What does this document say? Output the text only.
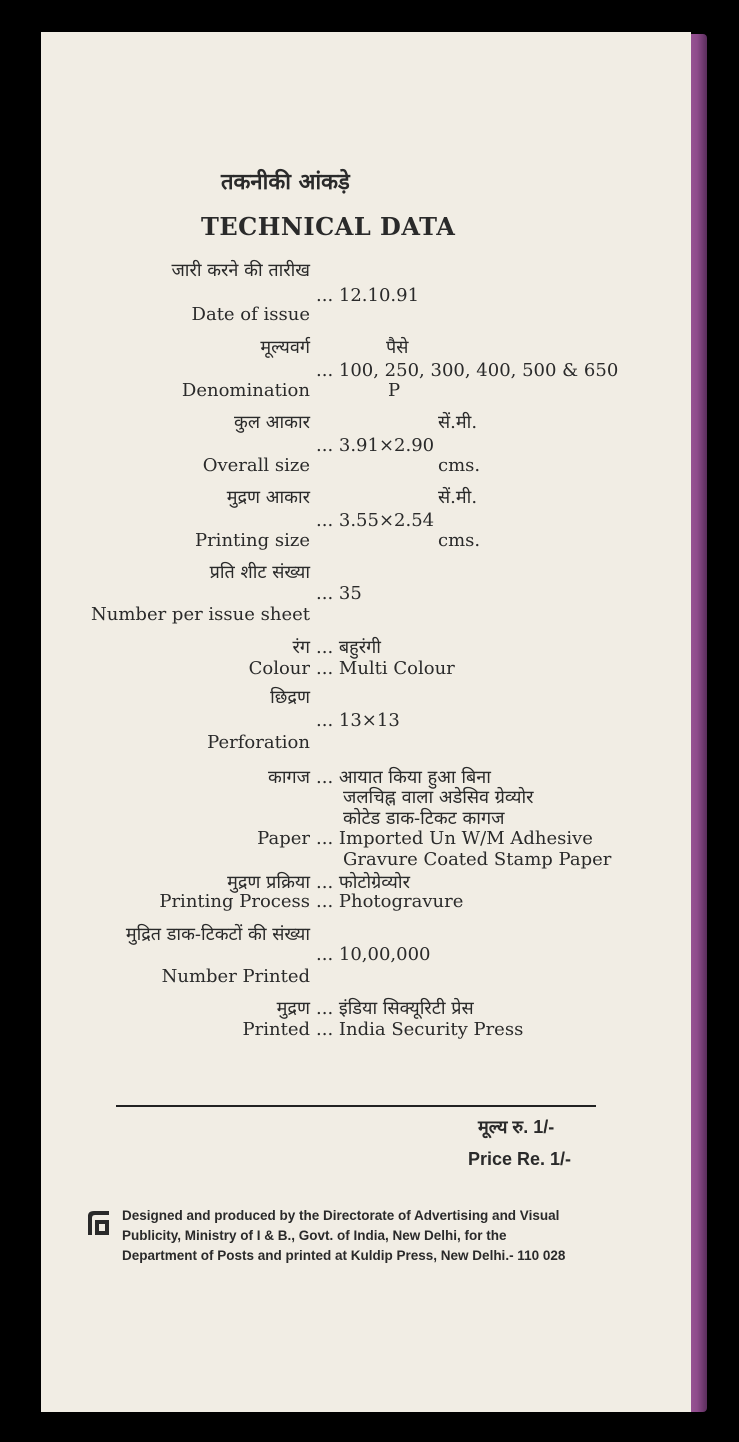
तकनीकी आंकड़े
TECHNICAL DATA
जारी करने की तारीख
... 12.10.91
Date of issue
मूल्यवर्ग	पैसे
... 100, 250, 300, 400, 500 & 650
Denomination	P
कुल आकार	सें.मी.
... 3.91×2.90
Overall size	cms.
मुद्रण आकार	सें.मी.
... 3.55×2.54
Printing size	cms.
प्रति शीट संख्या
... 35
Number per issue sheet
रंग ... बहुरंगी
Colour ... Multi Colour
छिद्रण
... 13×13
Perforation
कागज ... आयात किया हुआ बिना
जलचिह्न वाला अडेसिव ग्रेव्योर
कोटेड डाक-टिकट कागज
Paper ... Imported Un W/M Adhesive
Gravure Coated Stamp Paper
मुद्रण प्रक्रिया ... फोटोग्रेव्योर
Printing Process ... Photogravure
मुद्रित डाक-टिकटों की संख्या
... 10,00,000
Number Printed
मुद्रण ... इंडिया सिक्यूरिटी प्रेस
Printed ... India Security Press
मूल्य रु. 1/-
Price Re. 1/-
Designed and produced by the Directorate of Advertising and Visual
Publicity, Ministry of I & B., Govt. of India, New Delhi, for the
Department of Posts and printed at Kuldip Press, New Delhi.- 110 028
